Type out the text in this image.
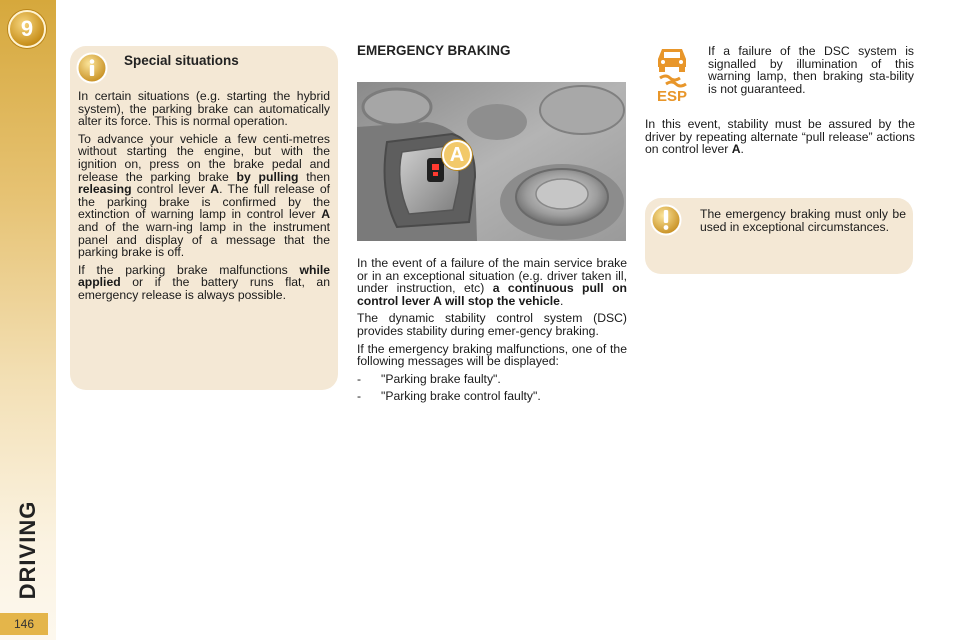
9
DRIVING
146
Special situations

In certain situations (e.g. starting the hybrid system), the parking brake can automatically alter its force. This is normal operation.

To advance your vehicle a few centi-metres without starting the engine, but with the ignition on, press on the brake pedal and release the parking brake by pulling then releasing control lever A. The full release of the parking brake is confirmed by the extinction of warning lamp in control lever A and of the warn-ing lamp in the instrument panel and display of a message that the parking brake is off.

If the parking brake malfunctions while applied or if the battery runs flat, an emergency release is always possible.

EMERGENCY BRAKING
A

In the event of a failure of the main service brake or in an exceptional situation (e.g. driver taken ill, under instruction, etc) a continuous pull on control lever A will stop the vehicle.

The dynamic stability control system (DSC) provides stability during emer-gency braking.

If the emergency braking malfunctions, one of the following messages will be displayed:

-	"Parking brake faulty".
-	"Parking brake control faulty".
ESP
If a failure of the DSC system is signalled by illumination of this warning lamp, then braking sta-bility is not guaranteed.

In this event, stability must be assured by the driver by repeating alternate “pull release” actions on control lever A.

The emergency braking must only be used in exceptional circumstances.
